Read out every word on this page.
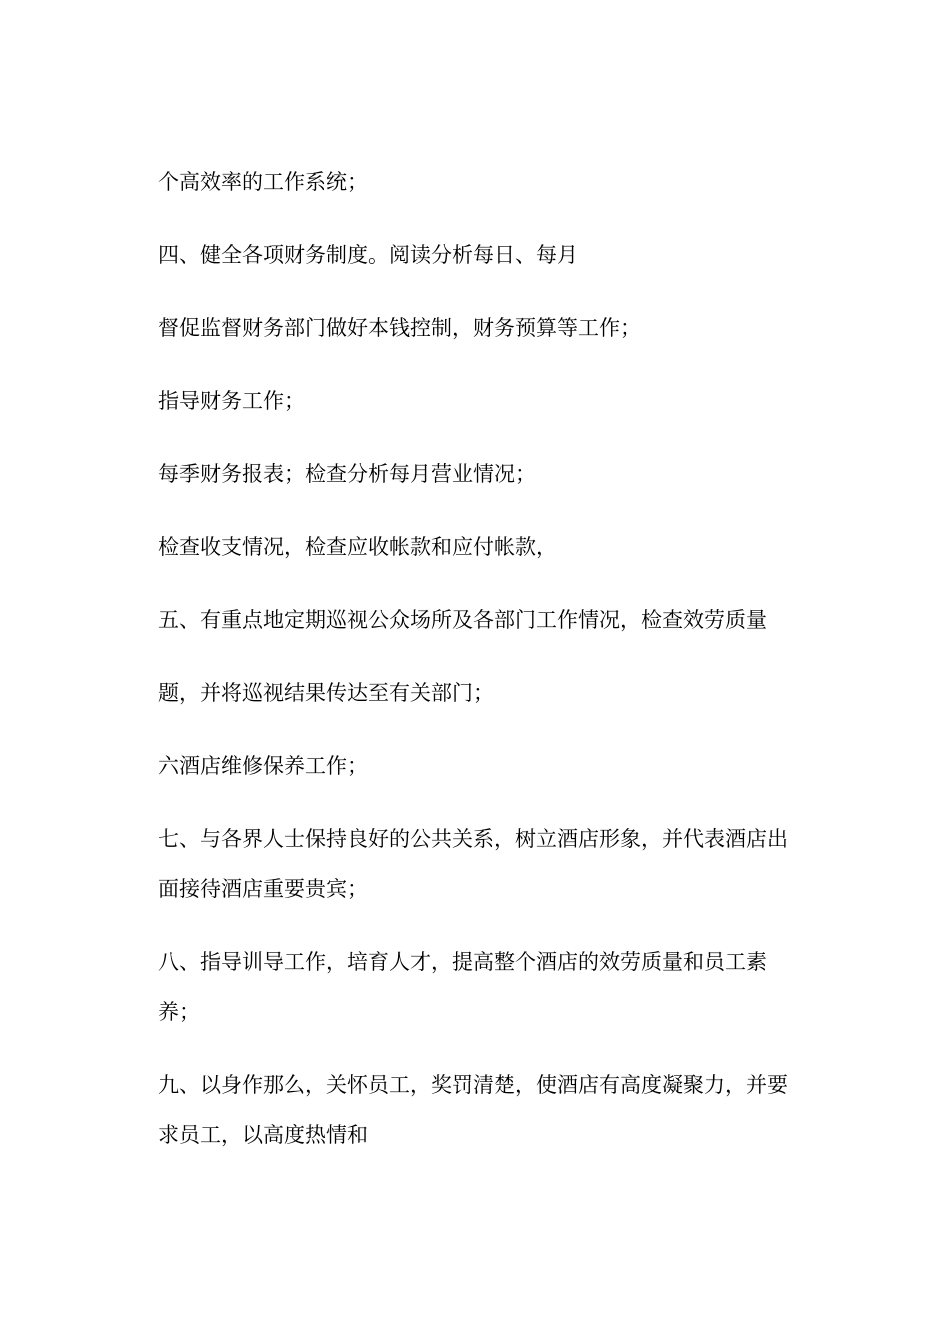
个高效率的工作系统；

四、健全各项财务制度。阅读分析每日、每月

督促监督财务部门做好本钱控制，财务预算等工作；

指导财务工作；

每季财务报表；检查分析每月营业情况；

检查收支情况，检查应收帐款和应付帐款，

五、有重点地定期巡视公众场所及各部门工作情况，检查效劳质量

题，并将巡视结果传达至有关部门；

六酒店维修保养工作；

七、与各界人士保持良好的公共关系，树立酒店形象，并代表酒店出面接待酒店重要贵宾；

八、指导训导工作，培育人才，提高整个酒店的效劳质量和员工素养；

九、以身作那么，关怀员工，奖罚清楚，使酒店有高度凝聚力，并要求员工，以高度热情和
